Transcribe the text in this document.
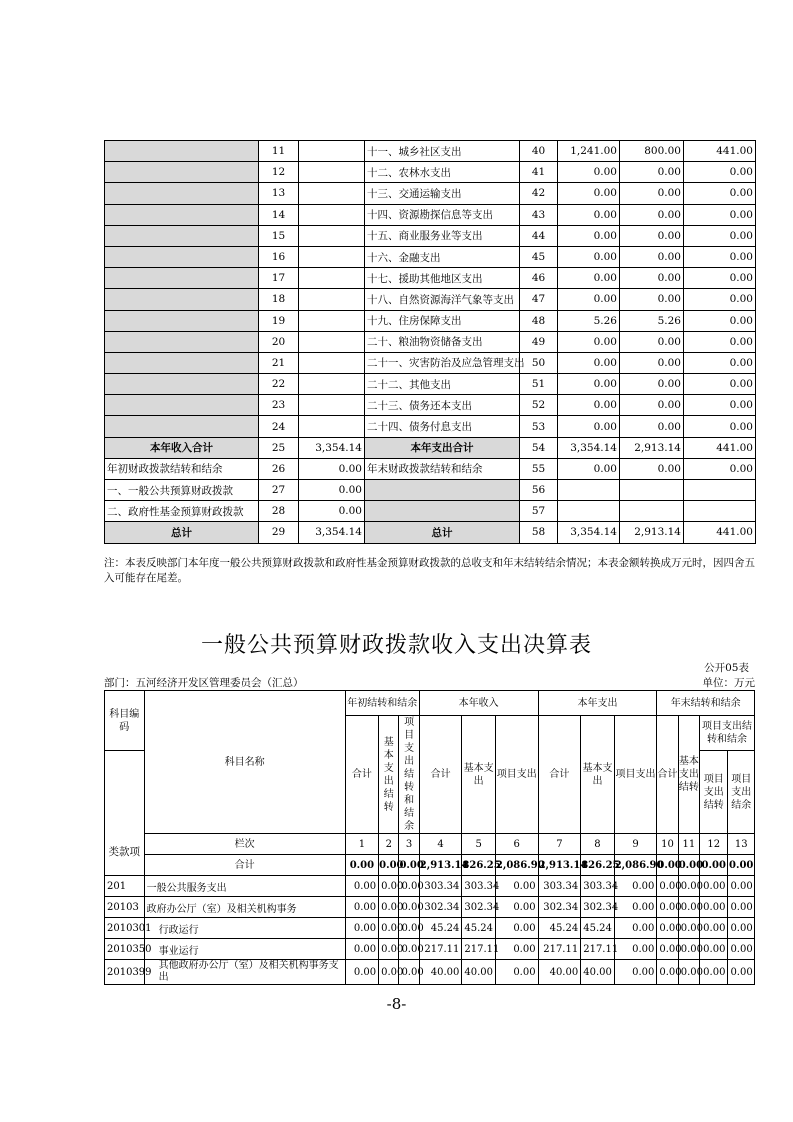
	11		十一、城乡社区支出	40	1,241.00	800.00	441.00
	12		十二、农林水支出	41	0.00	0.00	0.00
	13		十三、交通运输支出	42	0.00	0.00	0.00
	14		十四、资源勘探信息等支出	43	0.00	0.00	0.00
	15		十五、商业服务业等支出	44	0.00	0.00	0.00
	16		十六、金融支出	45	0.00	0.00	0.00
	17		十七、援助其他地区支出	46	0.00	0.00	0.00
	18		十八、自然资源海洋气象等支出	47	0.00	0.00	0.00
	19		十九、住房保障支出	48	5.26	5.26	0.00
	20		二十、粮油物资储备支出	49	0.00	0.00	0.00
	21		二十一、灾害防治及应急管理支出	50	0.00	0.00	0.00
	22		二十二、其他支出	51	0.00	0.00	0.00
	23		二十三、债务还本支出	52	0.00	0.00	0.00
	24		二十四、债务付息支出	53	0.00	0.00	0.00
本年收入合计	25	3,354.14	本年支出合计	54	3,354.14	2,913.14	441.00
年初财政拨款结转和结余	26	0.00	年末财政拨款结转和结余	55	0.00	0.00	0.00
一、一般公共预算财政拨款	27	0.00		56			
二、政府性基金预算财政拨款	28	0.00		57			
总计	29	3,354.14	总计	58	3,354.14	2,913.14	441.00
注：本表反映部门本年度一般公共预算财政拨款和政府性基金预算财政拨款的总收支和年末结转结余情况；本表金额转换成万元时，因四舍五入可能存在尾差。
一般公共预算财政拨款收入支出决算表
公开05表
部门：五河经济开发区管理委员会（汇总）	单位：万元
科目编码	科目名称	年初结转和结余			本年收入			本年支出			年末结转和结余			
		合计	基本支出结转	项目支出结转和结余	合计	基本支出	项目支出	合计	基本支出	项目支出	合计	基本支出结转	项目支出结转和结余	
类款项													项目支出结转	项目支出结余
	栏次	1	2	3	4	5	6	7	8	9	10	11	12	13
	合计	0.00	0.00	0.00	2,913.14	826.25	2,086.90	2,913.14	826.25	2,086.90	0.00	0.00	0.00	0.00
201	一般公共服务支出	0.00	0.00	0.00	303.34	303.34	0.00	303.34	303.34	0.00	0.00	0.00	0.00	0.00
20103	政府办公厅（室）及相关机构事务	0.00	0.00	0.00	302.34	302.34	0.00	302.34	302.34	0.00	0.00	0.00	0.00	0.00
2010301	行政运行	0.00	0.00	0.00	45.24	45.24	0.00	45.24	45.24	0.00	0.00	0.00	0.00	0.00
2010350	事业运行	0.00	0.00	0.00	217.11	217.11	0.00	217.11	217.11	0.00	0.00	0.00	0.00	0.00
2010399	其他政府办公厅（室）及相关机构事务支出	0.00	0.00	0.00	40.00	40.00	0.00	40.00	40.00	0.00	0.00	0.00	0.00	0.00
-8-
